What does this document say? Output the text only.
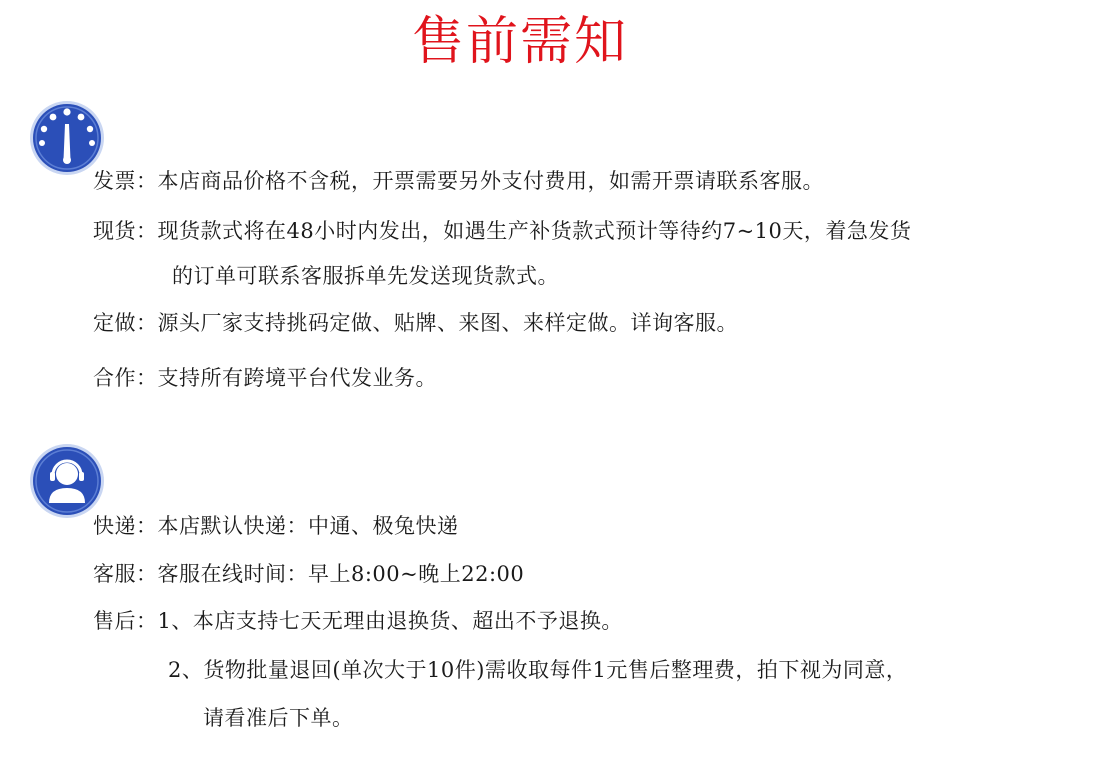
售前需知
发票：本店商品价格不含税，开票需要另外支付费用，如需开票请联系客服。
现货：现货款式将在48小时内发出，如遇生产补货款式预计等待约7~10天，着急发货
的订单可联系客服拆单先发送现货款式。
定做：源头厂家支持挑码定做、贴牌、来图、来样定做。详询客服。
合作：支持所有跨境平台代发业务。
快递：本店默认快递：中通、极兔快递
客服：客服在线时间：早上8:00~晚上22:00
售后：1、本店支持七天无理由退换货、超出不予退换。
2、货物批量退回(单次大于10件)需收取每件1元售后整理费，拍下视为同意，
请看准后下单。
